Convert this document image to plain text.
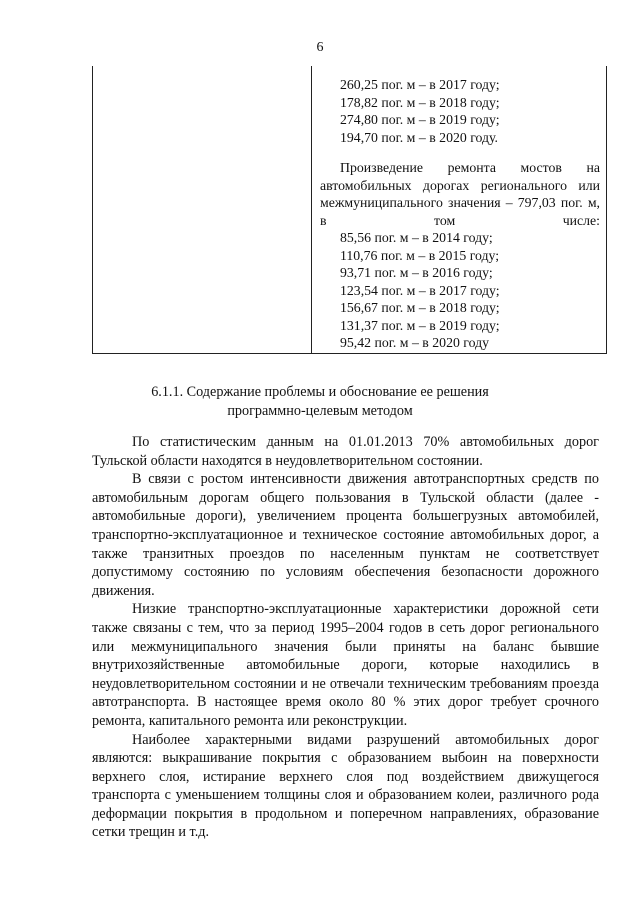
6
260,25 пог. м – в 2017 году;
178,82 пог. м – в 2018 году;
274,80 пог. м – в 2019 году;
194,70 пог. м – в 2020 году.
Произведение ремонта мостов на автомобильных дорогах регионального или межмуниципального значения – 797,03 пог. м, в том числе:
85,56 пог. м – в 2014 году;
110,76 пог. м – в 2015 году;
93,71 пог. м – в 2016 году;
123,54 пог. м – в 2017 году;
156,67 пог. м – в 2018 году;
131,37 пог. м – в 2019 году;
95,42 пог. м – в 2020 году
6.1.1. Содержание проблемы и обоснование ее решения
программно-целевым методом

По статистическим данным на 01.01.2013 70% автомобильных дорог Тульской области находятся в неудовлетворительном состоянии.

В связи с ростом интенсивности движения автотранспортных средств по автомобильным дорогам общего пользования в Тульской области (далее - автомобильные дороги), увеличением процента большегрузных автомобилей, транспортно-эксплуатационное и техническое состояние автомобильных дорог, а также транзитных проездов по населенным пунктам не соответствует допустимому состоянию по условиям обеспечения безопасности дорожного движения.

Низкие транспортно-эксплуатационные характеристики дорожной сети также связаны с тем, что за период 1995–2004 годов в сеть дорог регионального или межмуниципального значения были приняты на баланс бывшие внутрихозяйственные автомобильные дороги, которые находились в неудовлетворительном состоянии и не отвечали техническим требованиям проезда автотранспорта. В настоящее время около 80 % этих дорог требует срочного ремонта, капитального ремонта или реконструкции.

Наиболее характерными видами разрушений автомобильных дорог являются: выкрашивание покрытия с образованием выбоин на поверхности верхнего слоя, истирание верхнего слоя под воздействием движущегося транспорта с уменьшением толщины слоя и образованием колеи, различного рода деформации покрытия в продольном и поперечном направлениях, образование сетки трещин и т.д.
